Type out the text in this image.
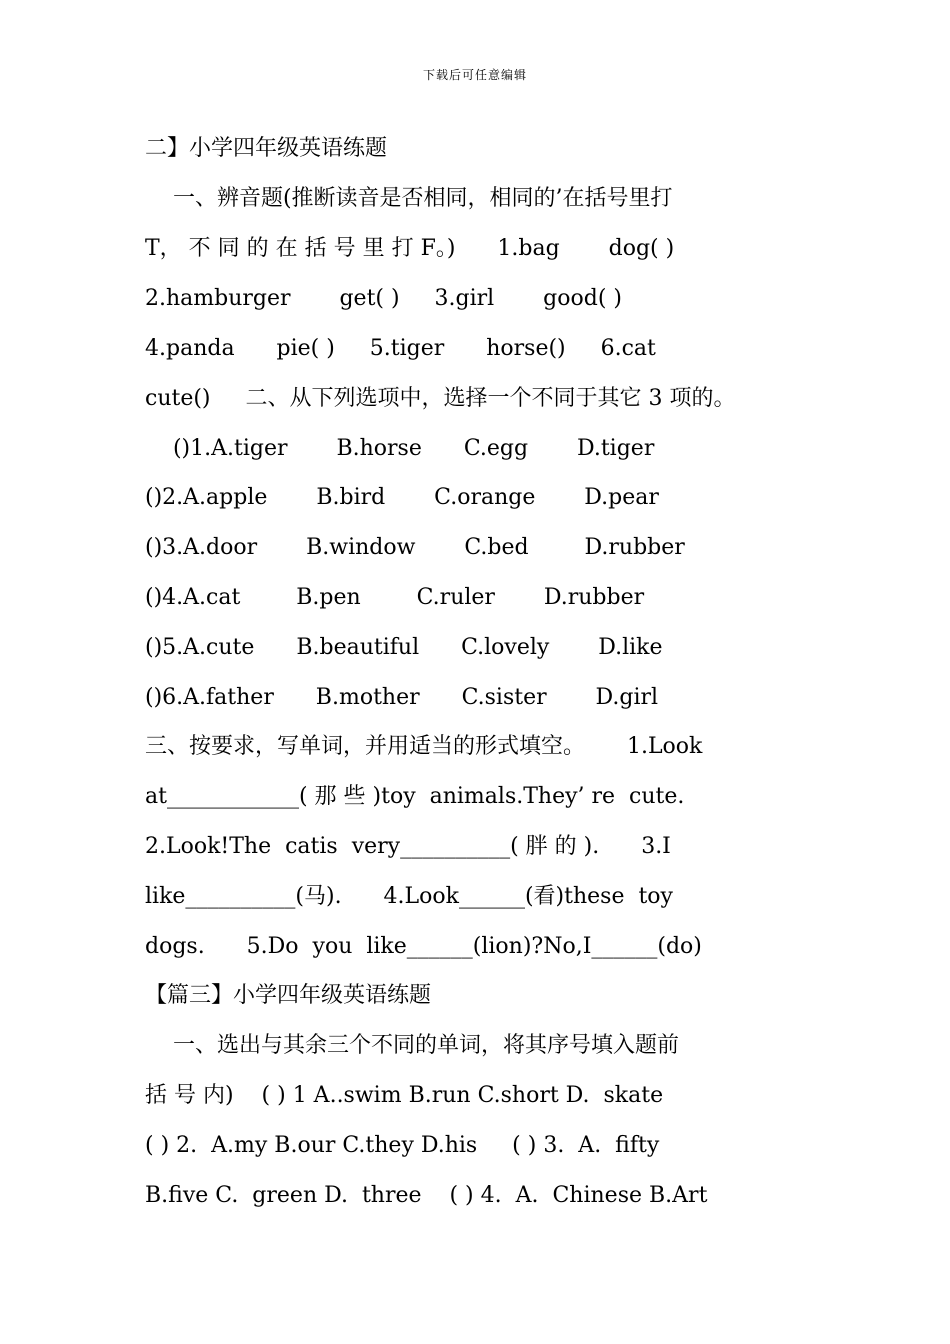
下载后可任意编辑
二】小学四年级英语练题
一、辨音题(推断读音是否相同，相同的’在括号里打
T， 不 同 的 在 括 号 里 打 F。)      1.bag       dog( )
2.hamburger       get( )     3.girl       good( )
4.panda      pie( )     5.tiger      horse()     6.cat
cute()     二、从下列选项中，选择一个不同于其它 3 项的。
()1.A.tiger       B.horse      C.egg       D.tiger
()2.A.apple       B.bird       C.orange       D.pear
()3.A.door       B.window       C.bed        D.rubber
()4.A.cat        B.pen        C.ruler       D.rubber
()5.A.cute      B.beautiful      C.lovely       D.like
()6.A.father      B.mother      C.sister       D.girl
三、按要求，写单词，并用适当的形式填空。      1.Look
at____________( 那 些 )toy  animals.They’ re  cute.
2.Look!The  catis  very__________( 胖 的 ).      3.I
like__________(马).      4.Look______(看)these  toy
dogs.      5.Do  you  like______(lion)?No,I______(do)
【篇三】小学四年级英语练题
一、选出与其余三个不同的单词，将其序号填入题前
括 号 内)    ( ) 1 A..swim B.run C.short D.  skate
( ) 2.  A.my B.our C.they D.his     ( ) 3.  A.  fifty
B.five C.  green D.  three    ( ) 4.  A.  Chinese B.Art
